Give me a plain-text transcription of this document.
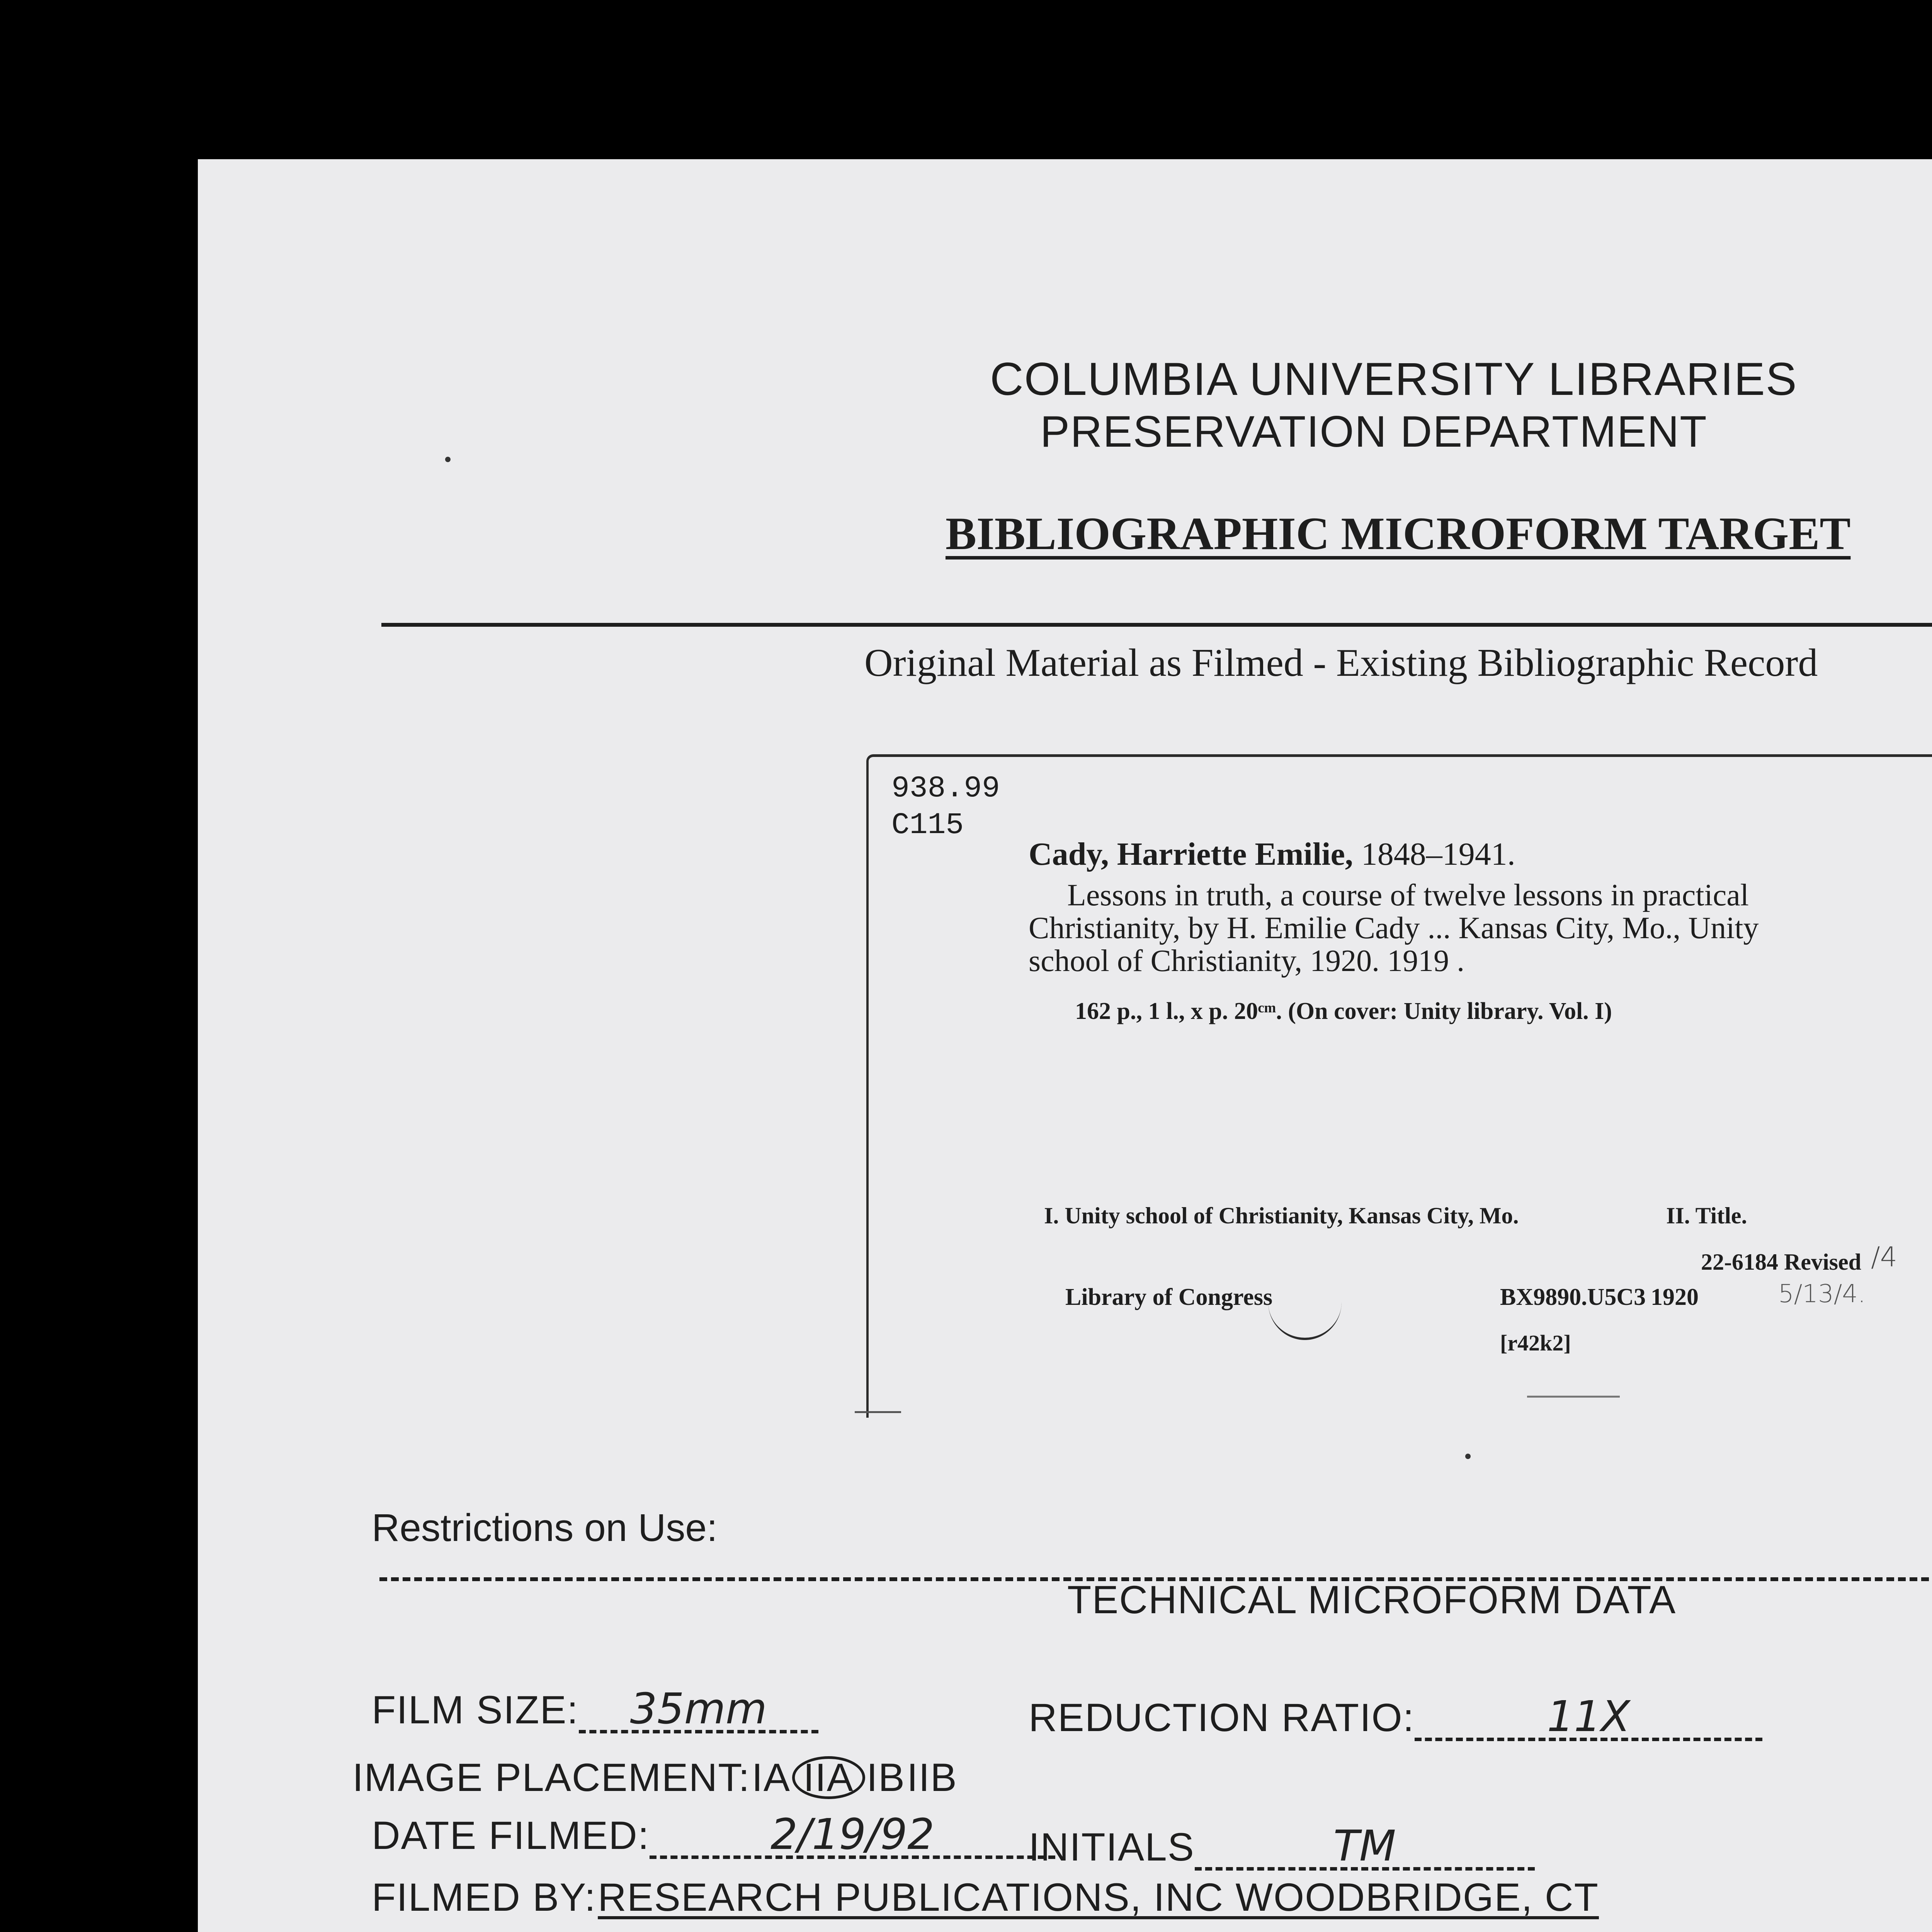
COLUMBIA UNIVERSITY LIBRARIES
PRESERVATION DEPARTMENT
BIBLIOGRAPHIC MICROFORM TARGET
Original Material as Filmed - Existing Bibliographic Record
938.99
C115
Cady, Harriette Emilie, 1848–1941.
Lessons in truth, a course of twelve lessons in practical
Christianity, by H. Emilie Cady ... Kansas City, Mo., Unity
school of Christianity, 1920. 1919 .
162 p., 1 l., x p. 20ᶜᵐ. (On cover: Unity library. Vol. I)
I. Unity school of Christianity, Kansas City, Mo.	II. Title.
22-6184 Revised /4
Library of Congress	BX9890.U5C3 1920	5/13/4.
[r42k2]
Restrictions on Use:
TECHNICAL MICROFORM DATA
FILM SIZE: 35mm	REDUCTION RATIO:	11X
IMAGE PLACEMENT: IA IIA IB IIB
DATE FILMED:	2/19/92	INITIALS	TM
FILMED BY: RESEARCH PUBLICATIONS, INC WOODBRIDGE, CT
